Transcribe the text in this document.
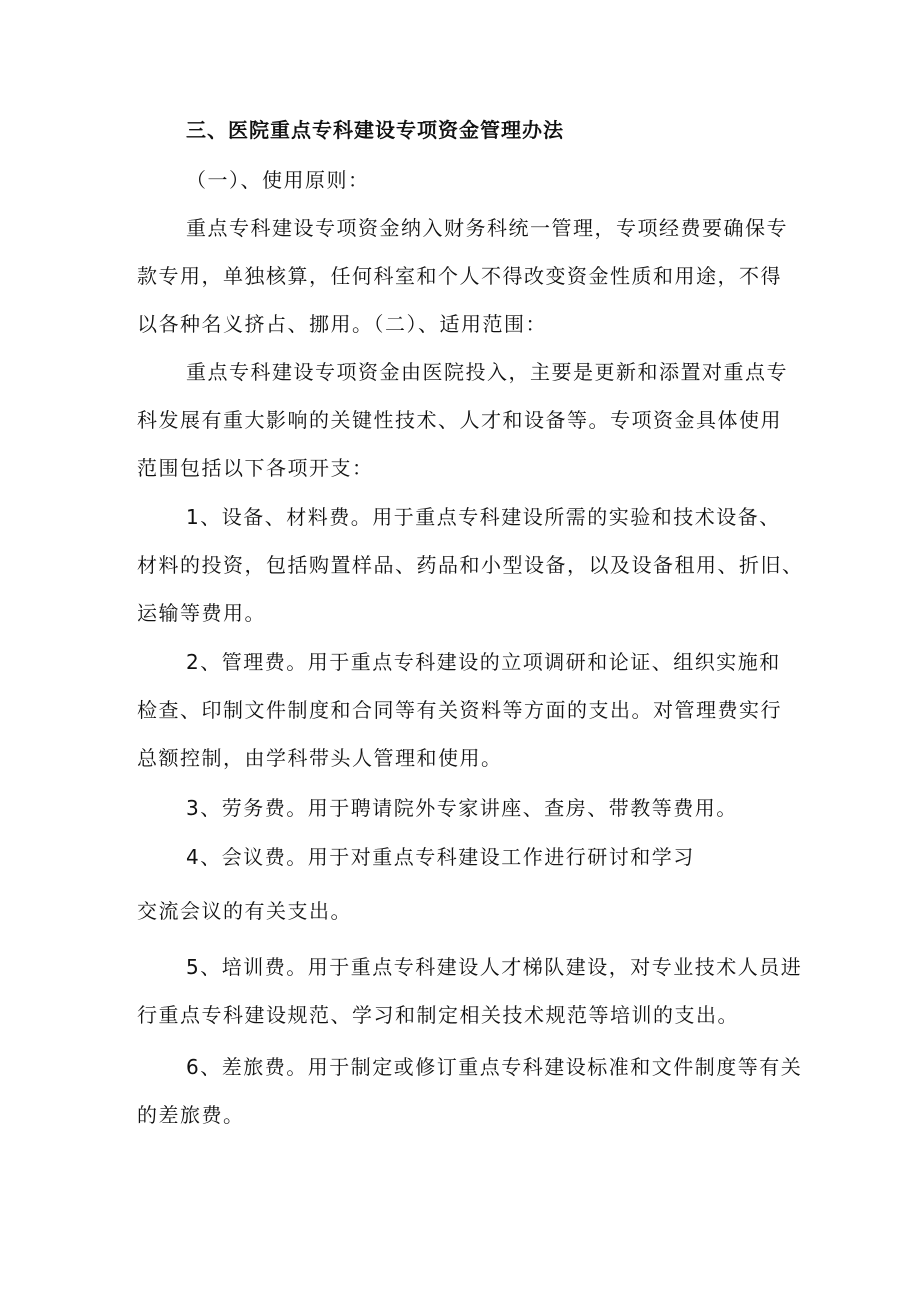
三、医院重点专科建设专项资金管理办法
（一）、使用原则：
重点专科建设专项资金纳入财务科统一管理，专项经费要确保专
款专用，单独核算，任何科室和个人不得改变资金性质和用途，不得
以各种名义挤占、挪用。（二）、适用范围：
重点专科建设专项资金由医院投入，主要是更新和添置对重点专
科发展有重大影响的关键性技术、人才和设备等。专项资金具体使用
范围包括以下各项开支：
1、设备、材料费。用于重点专科建设所需的实验和技术设备、
材料的投资，包括购置样品、药品和小型设备，以及设备租用、折旧、
运输等费用。
2、管理费。用于重点专科建设的立项调研和论证、组织实施和
检查、印制文件制度和合同等有关资料等方面的支出。对管理费实行
总额控制，由学科带头人管理和使用。
3、劳务费。用于聘请院外专家讲座、查房、带教等费用。
4、会议费。用于对重点专科建设工作进行研讨和学习
交流会议的有关支出。
5、培训费。用于重点专科建设人才梯队建设，对专业技术人员进
行重点专科建设规范、学习和制定相关技术规范等培训的支出。
6、差旅费。用于制定或修订重点专科建设标准和文件制度等有关
的差旅费。
